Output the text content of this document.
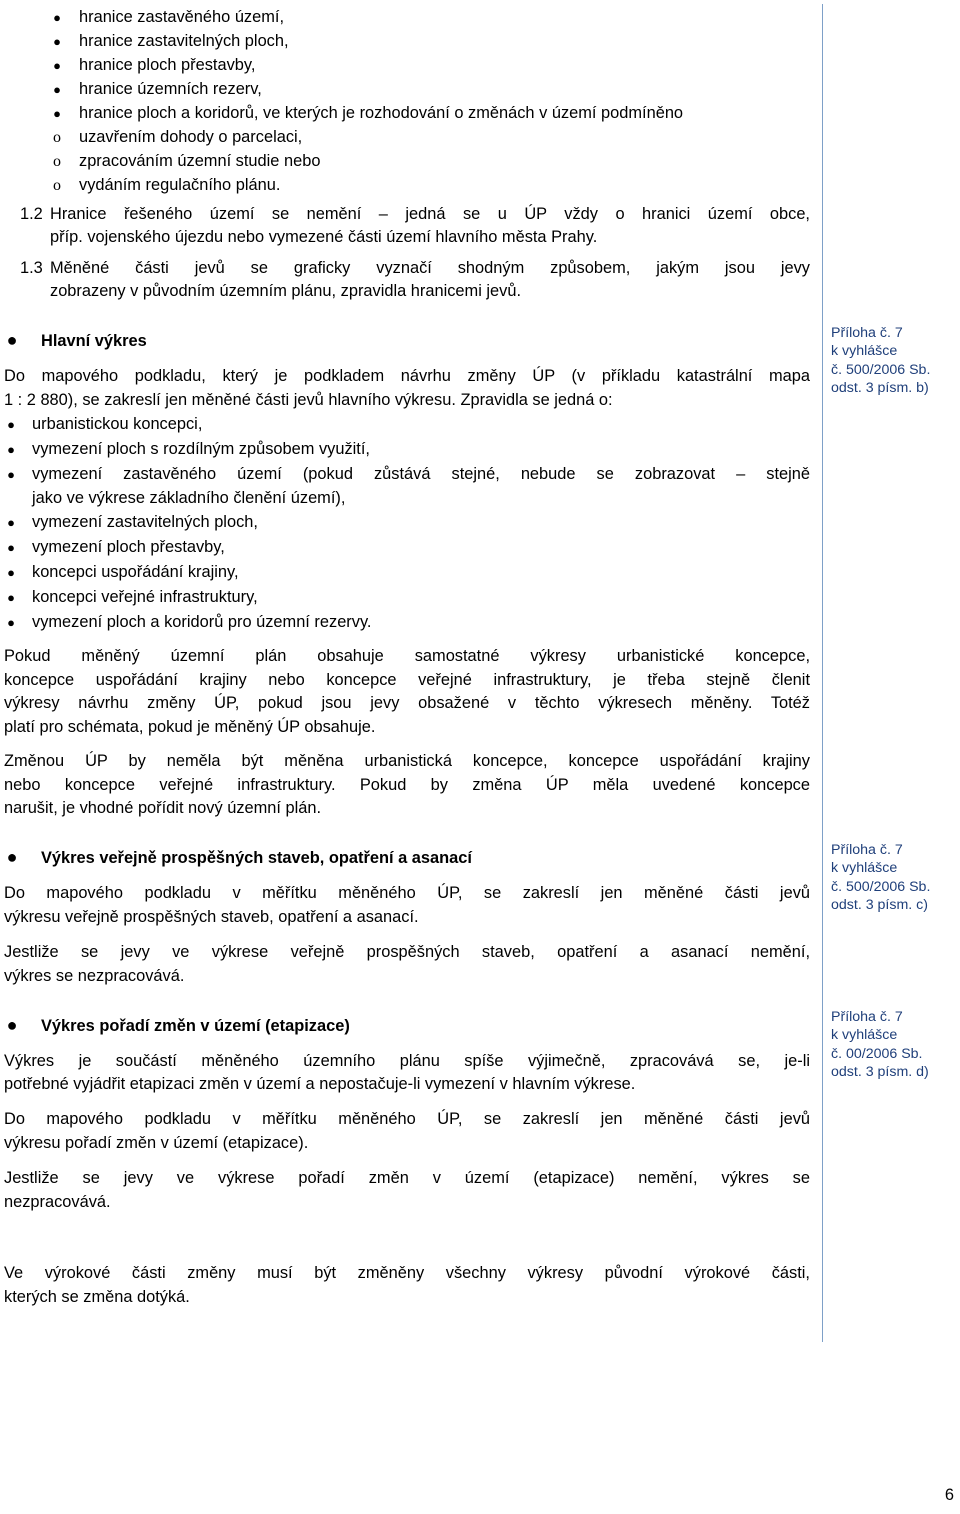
● hranice zastavěného území,
● hranice zastavitelných ploch,
● hranice ploch přestavby,
● hranice územních rezerv,
● hranice ploch a koridorů, ve kterých je rozhodování o změnách v území podmíněno
o uzavřením dohody o parcelaci,
o zpracováním územní studie nebo
o vydáním regulačního plánu.
1.2 Hranice řešeného území se nemění – jedná se u ÚP vždy o hranici území obce,
příp. vojenského újezdu nebo vymezené části území hlavního města Prahy.
1.3 Měněné části jevů se graficky vyznačí shodným způsobem, jakým jsou jevy
zobrazeny v původním územním plánu, zpravidla hranicemi jevů.
● Hlavní výkres
Do mapového podkladu, který je podkladem návrhu změny ÚP (v příkladu katastrální mapa
1 : 2 880), se zakreslí jen měněné části jevů hlavního výkresu. Zpravidla se jedná o:
● urbanistickou koncepci,
● vymezení ploch s rozdílným způsobem využití,
● vymezení zastavěného území (pokud zůstává stejné, nebude se zobrazovat – stejně
jako ve výkrese základního členění území),
● vymezení zastavitelných ploch,
● vymezení ploch přestavby,
● koncepci uspořádání krajiny,
● koncepci veřejné infrastruktury,
● vymezení ploch a koridorů pro územní rezervy.
Pokud měněný územní plán obsahuje samostatné výkresy urbanistické koncepce,
koncepce uspořádání krajiny nebo koncepce veřejné infrastruktury, je třeba stejně členit
výkresy návrhu změny ÚP, pokud jsou jevy obsažené v těchto výkresech měněny. Totéž
platí pro schémata, pokud je měněný ÚP obsahuje.
Změnou ÚP by neměla být měněna urbanistická koncepce, koncepce uspořádání krajiny
nebo koncepce veřejné infrastruktury. Pokud by změna ÚP měla uvedené koncepce
narušit, je vhodné pořídit nový územní plán.
Příloha č. 7
k vyhlášce
č. 500/2006 Sb.
odst. 3 písm. b)
● Výkres veřejně prospěšných staveb, opatření a asanací
Do mapového podkladu v měřítku měněného ÚP, se zakreslí jen měněné části jevů
výkresu veřejně prospěšných staveb, opatření a asanací.
Jestliže se jevy ve výkrese veřejně prospěšných staveb, opatření a asanací nemění,
výkres se nezpracovává.
Příloha č. 7
k vyhlášce
č. 500/2006 Sb.
odst. 3 písm. c)
● Výkres pořadí změn v území (etapizace)
Výkres je součástí měněného územního plánu spíše výjimečně, zpracovává se, je-li
potřebné vyjádřit etapizaci změn v území a nepostačuje-li vymezení v hlavním výkrese.
Do mapového podkladu v měřítku měněného ÚP, se zakreslí jen měněné části jevů
výkresu pořadí změn v území (etapizace).
Jestliže se jevy ve výkrese pořadí změn v území (etapizace) nemění, výkres se
nezpracovává.
Příloha č. 7
k vyhlášce
č. 00/2006 Sb.
odst. 3 písm. d)
Ve výrokové části změny musí být změněny všechny výkresy původní výrokové části,
kterých se změna dotýká.
6
